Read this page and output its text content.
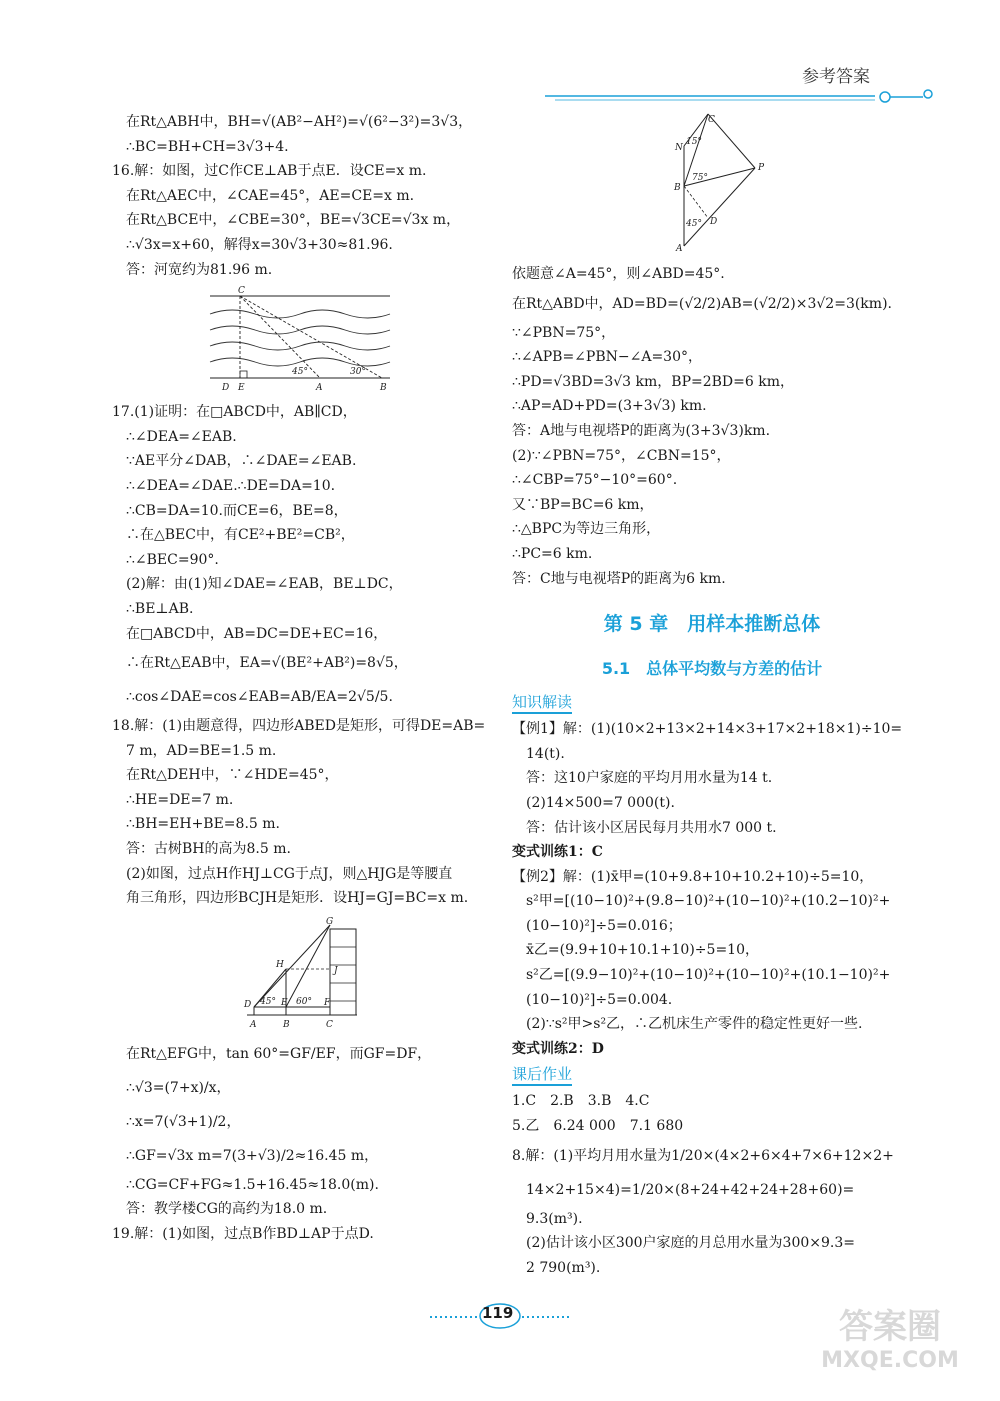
参考答案
在Rt△ABH中，BH=√(AB²−AH²)=√(6²−3²)=3√3，
∴BC=BH+CH=3√3+4.
16.解：如图，过C作CE⊥AB于点E．设CE=x m.
在Rt△AEC中，∠CAE=45°，AE=CE=x m.
在Rt△BCE中，∠CBE=30°，BE=√3CE=√3x m，
∴√3x=x+60，解得x=30√3+30≈81.96.
答：河宽约为81.96 m.
C
D E	A	B
45°	30°
17.(1)证明：在□ABCD中，AB∥CD，
∴∠DEA=∠EAB.
∵AE平分∠DAB，∴∠DAE=∠EAB.
∴∠DEA=∠DAE.∴DE=DA=10.
∴CB=DA=10.而CE=6，BE=8，
∴在△BEC中，有CE²+BE²=CB²，
∴∠BEC=90°.
(2)解：由(1)知∠DAE=∠EAB，BE⊥DC，
∴BE⊥AB.
在□ABCD中，AB=DC=DE+EC=16，
∴在Rt△EAB中，EA=√(BE²+AB²)=8√5，
∴cos∠DAE=cos∠EAB=AB/EA=2√5/5.
18.解：(1)由题意得，四边形ABED是矩形，可得DE=AB=
7 m，AD=BE=1.5 m.
在Rt△DEH中，∵∠HDE=45°，
∴HE=DE=7 m.
∴BH=EH+BE=8.5 m.
答：古树BH的高为8.5 m.
(2)如图，过点H作HJ⊥CG于点J，则△HJG是等腰直
角三角形，四边形BCJH是矩形．设HJ=GJ=BC=x m.
G
H
J
D	E	F
A	B	C
45° 60°
在Rt△EFG中，tan 60°=GF/EF，而GF=DF，
∴√3=(7+x)/x，
∴x=7(√3+1)/2，
∴GF=√3x m=7(3+√3)/2≈16.45 m，
∴CG=CF+FG≈1.5+16.45≈18.0(m).
答：教学楼CG的高约为18.0 m.
19.解：(1)如图，过点B作BD⊥AP于点D.
C
N
B
P
D
A
15°
75°
45°
依题意∠A=45°，则∠ABD=45°.
在Rt△ABD中，AD=BD=(√2/2)AB=(√2/2)×3√2=3(km).
∵∠PBN=75°，
∴∠APB=∠PBN−∠A=30°，
∴PD=√3BD=3√3 km，BP=2BD=6 km，
∴AP=AD+PD=(3+3√3) km.
答：A地与电视塔P的距离为(3+3√3)km.
(2)∵∠PBN=75°，∠CBN=15°，
∴∠CBP=75°−10°=60°.
又∵BP=BC=6 km，
∴△BPC为等边三角形，
∴PC=6 km.
答：C地与电视塔P的距离为6 km.
第 5 章　用样本推断总体
5.1　总体平均数与方差的估计
知识解读
【例1】解：(1)(10×2+13×2+14×3+17×2+18×1)÷10=
14(t).
答：这10户家庭的平均月用水量为14 t.
(2)14×500=7 000(t).
答：估计该小区居民每月共用水7 000 t.
变式训练1：C
【例2】解：(1)x̄甲=(10+9.8+10+10.2+10)÷5=10，
s²甲=[(10−10)²+(9.8−10)²+(10−10)²+(10.2−10)²+
(10−10)²]÷5=0.016；
x̄乙=(9.9+10+10.1+10)÷5=10，
s²乙=[(9.9−10)²+(10−10)²+(10−10)²+(10.1−10)²+
(10−10)²]÷5=0.004.
(2)∵s²甲>s²乙，∴乙机床生产零件的稳定性更好一些.
变式训练2：D
课后作业
1.C　2.B　3.B　4.C
5.乙　6.24 000　7.1 680
8.解：(1)平均月用水量为1/20×(4×2+6×4+7×6+12×2+
14×2+15×4)=1/20×(8+24+42+24+28+60)=
9.3(m³).
(2)估计该小区300户家庭的月总用水量为300×9.3=
2 790(m³).
119	答案圈
MXQE.COM
